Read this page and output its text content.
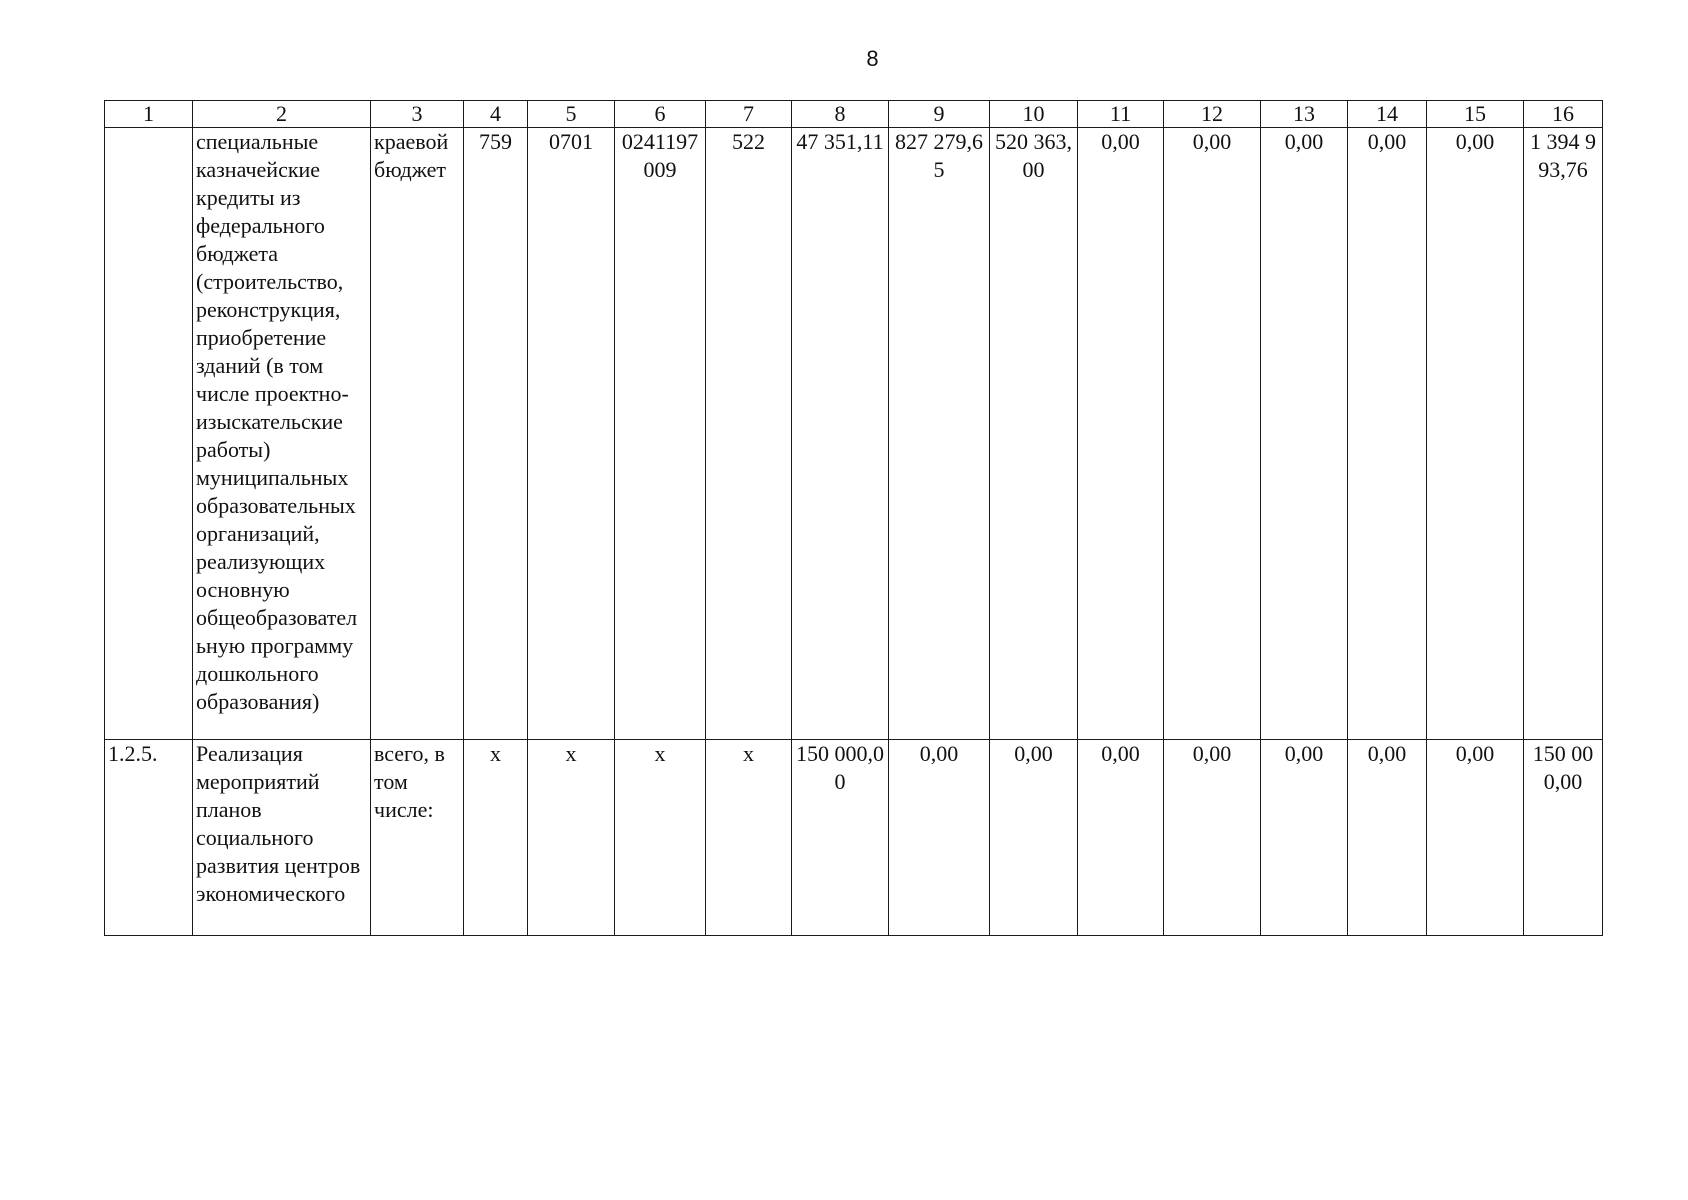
8
1	2	3	4	5	6	7	8	9	10	11	12	13	14	15	16
	специальные казначейские кредиты из федерального бюджета (строительство, реконструкция, приобретение зданий (в том числе проектно-изыскательские работы) муниципальных образовательных организаций, реализующих основную общеобразовательную программу дошкольного образования)	краевой бюджет	759	0701	0241197009	522	47 351,11	827 279,65	520 363,00	0,00	0,00	0,00	0,00	0,00	1 394 993,76
1.2.5.	Реализация мероприятий планов социального развития центров экономического	всего, в том числе:	х	х	х	х	150 000,00	0,00	0,00	0,00	0,00	0,00	0,00	0,00	150 000,00
